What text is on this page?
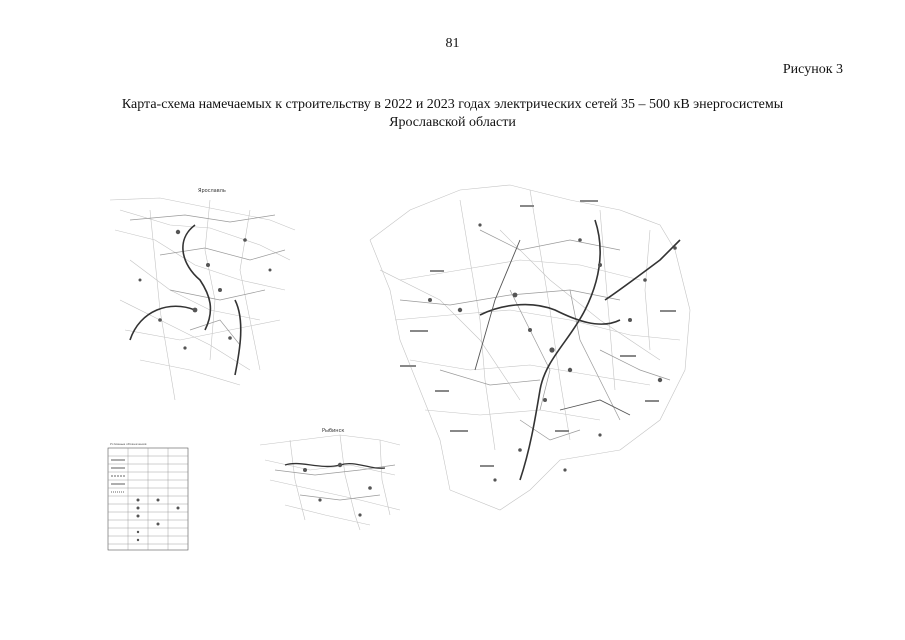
81
Рисунок 3
Карта-схема намечаемых к строительству в 2022 и 2023 годах электрических сетей 35 – 500 кВ энергосистемы
Ярославской области
Ярославль
Рыбинск
Условные обозначения
